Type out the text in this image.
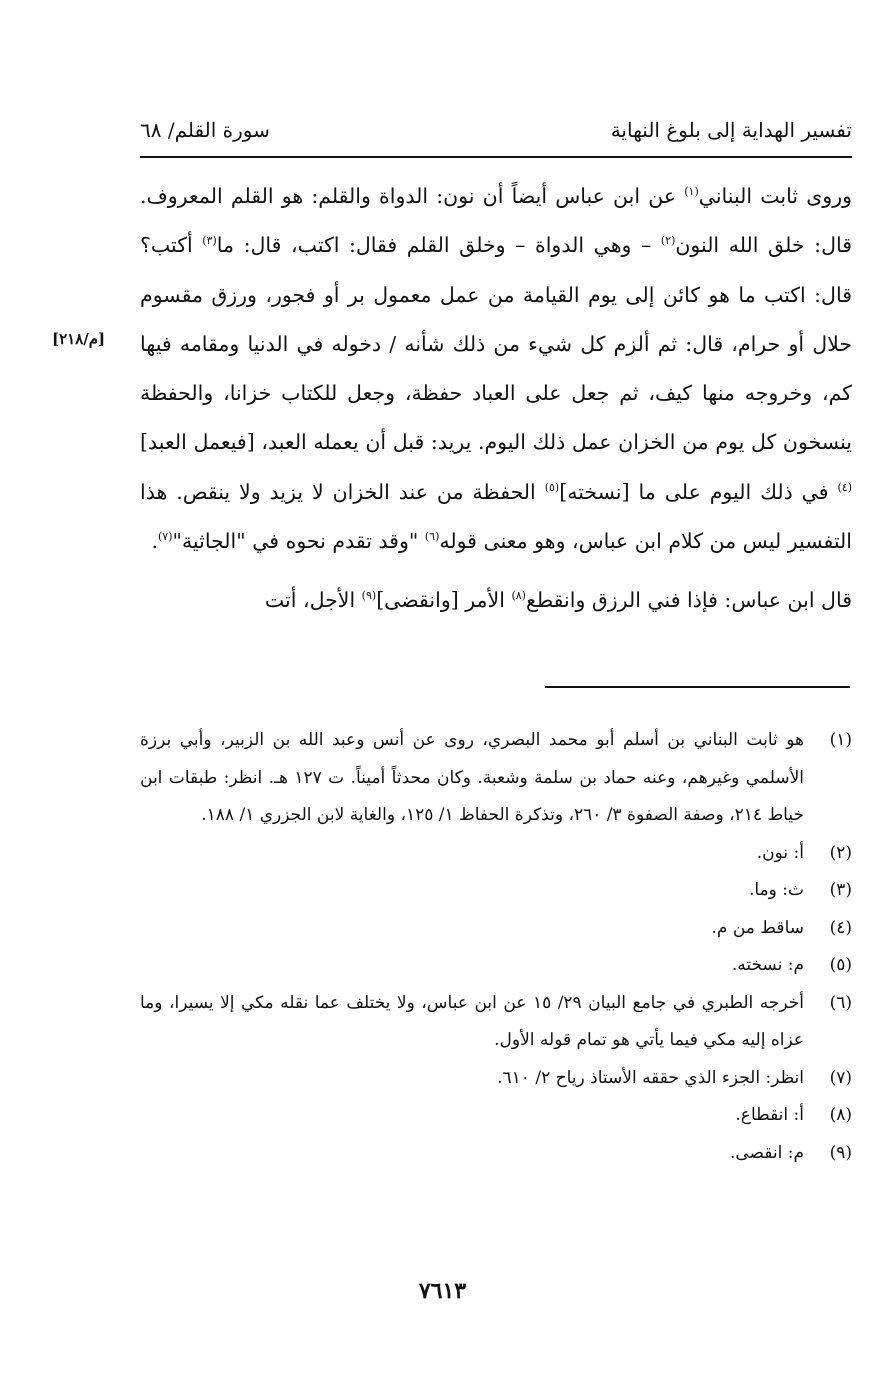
تفسير الهداية إلى بلوغ النهاية
سورة القلم/ ٦٨
[م/٢١٨]

وروى ثابت البناني$^{(١)}$ عن ابن عباس أيضاً أن نون: الدواة والقلم: هو القلم المعروف. قال: خلق الله النون$^{(٢)}$ – وهي الدواة – وخلق القلم فقال: اكتب، قال: ما$^{(٣)}$ أكتب؟ قال: اكتب ما هو كائن إلى يوم القيامة من عمل معمول بر أو فجور، ورزق مقسوم حلال أو حرام، قال: ثم ألزم كل شيء من ذلك شأنه / دخوله في الدنيا ومقامه فيها كم، وخروجه منها كيف، ثم جعل على العباد حفظة، وجعل للكتاب خزانا، والحفظة ينسخون كل يوم من الخزان عمل ذلك اليوم. يريد: قبل أن يعمله العبد، [فيعمل العبد]$^{(٤)}$ في ذلك اليوم على ما [نسخته]$^{(٥)}$ الحفظة من عند الخزان لا يزيد ولا ينقص. هذا التفسير ليس من كلام ابن عباس، وهو معنى قوله$^{(٦)}$ "وقد تقدم نحوه في "الجاثية"$^{(٧)}$.

قال ابن عباس: فإذا فني الرزق وانقطع$^{(٨)}$ الأمر [وانقضى]$^{(٩)}$ الأجل، أتت

(١)
هو ثابت البناني بن أسلم أبو محمد البصري، روى عن أنس وعبد الله بن الزبير، وأبي برزة الأسلمي وغيرهم، وعنه حماد بن سلمة وشعبة. وكان محدثاً أميناً. ت ١٢٧ هـ. انظر: طبقات ابن خياط ٢١٤، وصفة الصفوة ٣/ ٢٦٠، وتذكرة الحفاظ ١/ ١٢٥، والغاية لابن الجزري ١/ ١٨٨.
(٢)
أ: نون.
(٣)
ث: وما.
(٤)
ساقط من م.
(٥)
م: نسخته.
(٦)
أخرجه الطبري في جامع البيان ٢٩/ ١٥ عن ابن عباس، ولا يختلف عما نقله مكي إلا يسيرا، وما عزاه إليه مكي فيما يأتي هو تمام قوله الأول.
(٧)
انظر: الجزء الذي حققه الأستاذ رياح ٢/ ٦١٠.
(٨)
أ: انقطاع.
(٩)
م: انقصى.
٧٦١٣
